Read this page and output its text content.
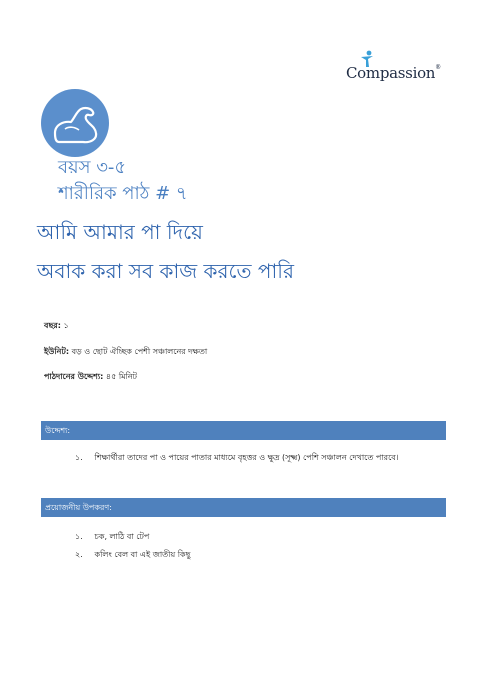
Compassion®
বয়স ৩-৫
শারীরিক পাঠ # ৭
আমি আমার পা দিয়ে
অবাক করা সব কাজ করতে পারি
বছর: ১
ইউনিট: বড় ও ছোট ঐচ্ছিক পেশী সঞ্চালনের দক্ষতা
পাঠদানের উদ্দেশ্য: ৪৫ মিনিট
উদ্দেশ্য:
১. শিক্ষার্থীরা তাদের পা ও পায়ের পাতার মাধ্যমে বৃহত্তর ও ক্ষুদ্র (সূক্ষ্ম) পেশি সঞ্চালন দেখাতে পারবে।
প্রয়োজনীয় উপকরণ:
১. চক, লাঠি বা টেপ
২. কলিং বেল বা এই জাতীয় কিছু
